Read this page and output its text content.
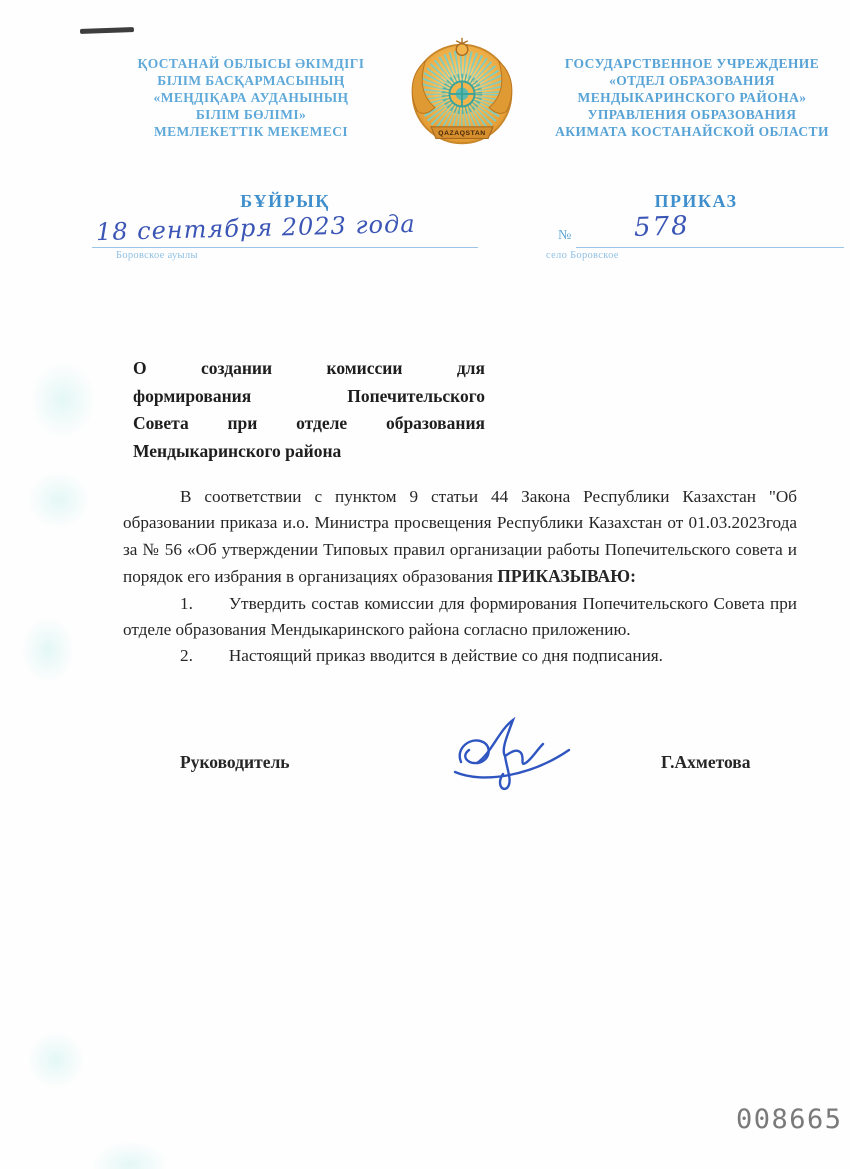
ҚОСТАНАЙ ОБЛЫСЫ ӘКІМДІГІ
БІЛІМ БАСҚАРМАСЫНЫҢ
«МЕҢДІҚАРА АУДАНЫНЫҢ
БІЛІМ БӨЛІМІ»
МЕМЛЕКЕТТІК МЕКЕМЕСІ	QAZAQSTAN
ГОСУДАРСТВЕННОЕ УЧРЕЖДЕНИЕ
«ОТДЕЛ ОБРАЗОВАНИЯ
МЕНДЫКАРИНСКОГО РАЙОНА»
УПРАВЛЕНИЯ ОБРАЗОВАНИЯ
АКИМАТА КОСТАНАЙСКОЙ ОБЛАСТИ
БҰЙРЫҚ	ПРИКАЗ
18 сентября 2023 года
Боровское ауылы
№ 578
село Боровское
О	создании	комиссии	для
формирования	Попечительского
Совета при отделе образования
Мендыкаринского района

В соответствии с пунктом 9 статьи 44 Закона Республики Казахстан "Об образовании приказа и.о. Министра просвещения Республики Казахстан от 01.03.2023года за № 56 «Об утверждении Типовых правил организации работы Попечительского совета и порядок его избрания в организациях образования ПРИКАЗЫВАЮ:

1. Утвердить состав комиссии для формирования Попечительского Совета при отделе образования Мендыкаринского района согласно приложению.

2. Настоящий приказ вводится в действие со дня подписания.

Руководитель	Г.Ахметова
008665
